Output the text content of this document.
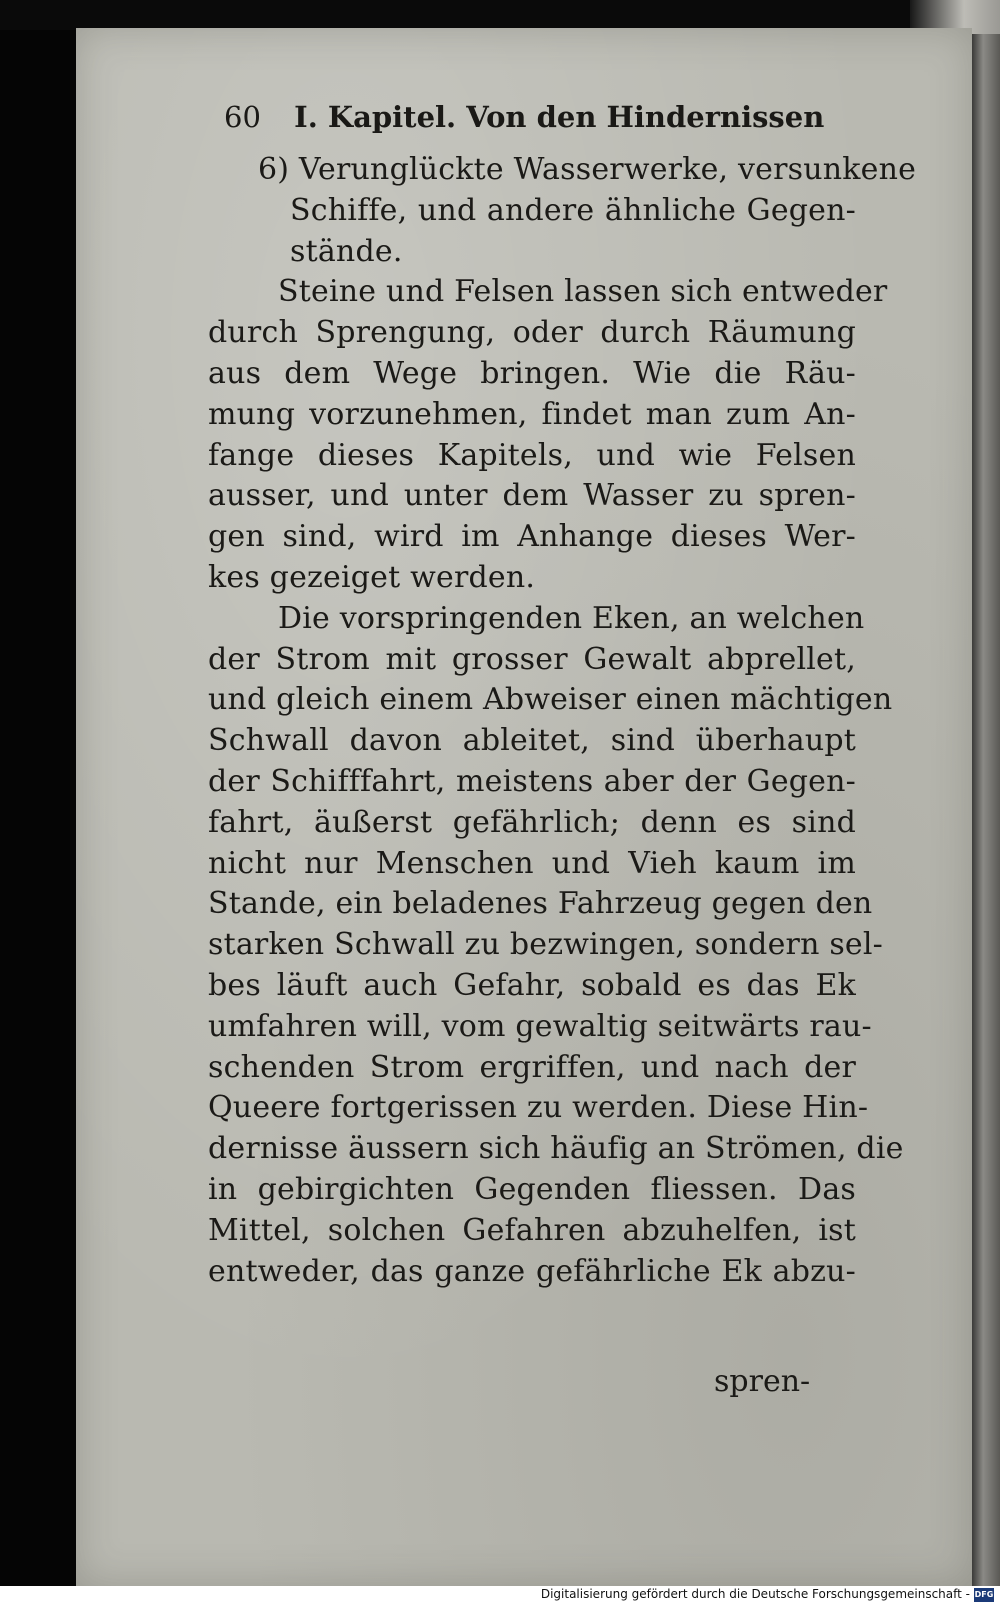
60 I. Kapitel. Von den Hindernissen
6) Verunglückte Wasserwerke, versunkene
Schiffe, und andere ähnliche Gegen-
stände.
Steine und Felsen lassen sich entweder
durch Sprengung, oder durch Räumung
aus dem Wege bringen. Wie die Räu-
mung vorzunehmen, findet man zum An-
fange dieses Kapitels, und wie Felsen
ausser, und unter dem Wasser zu spren-
gen sind, wird im Anhange dieses Wer-
kes gezeiget werden.
Die vorspringenden Eken, an welchen
der Strom mit grosser Gewalt abprellet,
und gleich einem Abweiser einen mächtigen
Schwall davon ableitet, sind überhaupt
der Schifffahrt, meistens aber der Gegen-
fahrt, äußerst gefährlich; denn es sind
nicht nur Menschen und Vieh kaum im
Stande, ein beladenes Fahrzeug gegen den
starken Schwall zu bezwingen, sondern sel-
bes läuft auch Gefahr, sobald es das Ek
umfahren will, vom gewaltig seitwärts rau-
schenden Strom ergriffen, und nach der
Queere fortgerissen zu werden. Diese Hin-
dernisse äussern sich häufig an Strömen, die
in gebirgichten Gegenden fliessen. Das
Mittel, solchen Gefahren abzuhelfen, ist
entweder, das ganze gefährliche Ek abzu-
spren-
Digitalisierung gefördert durch die Deutsche Forschungsgemeinschaft - DFG
